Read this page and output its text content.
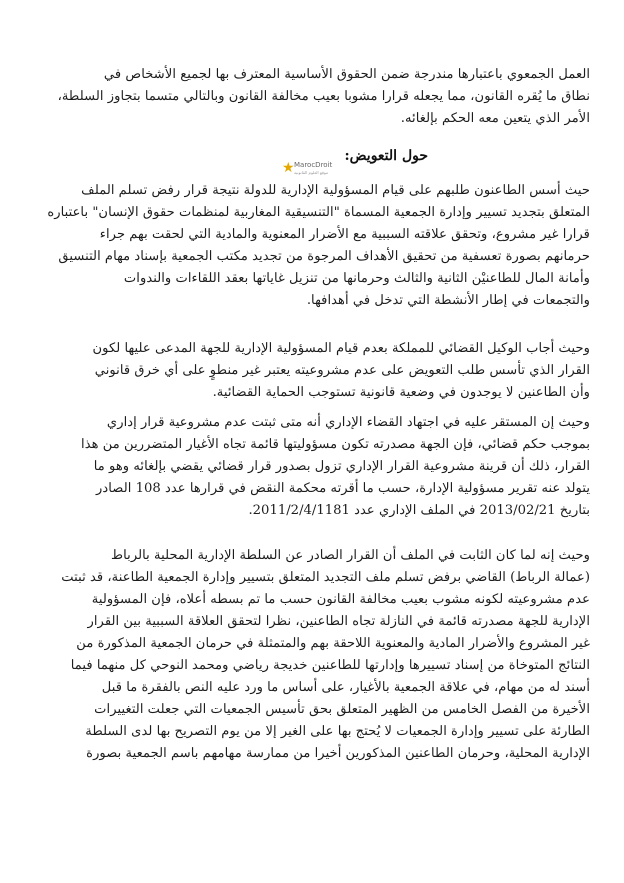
العمل الجمعوي باعتبارها مندرجة ضمن الحقوق الأساسية المعترف بها لجميع الأشخاص في
نطاق ما يُقره القانون، مما يجعله قرارا مشوبا بعيب مخالفة القانون وبالتالي متسما بتجاوز السلطة،
الأمر الذي يتعين معه الحكم بإلغائه.
حول التعويض:
★ MarocDroit
موقع العلوم القانونية
حيث أسس الطاعنون طلبهم على قيام المسؤولية الإدارية للدولة نتيجة قرار رفض تسلم الملف
المتعلق بتجديد تسيير وإدارة الجمعية المسماة "التنسيقية المغاربية لمنظمات حقوق الإنسان" باعتباره
قرارا غير مشروع، وتحقق علاقته السببية مع الأضرار المعنوية والمادية التي لحقت بهم جراء
حرمانهم بصورة تعسفية من تحقيق الأهداف المرجوة من تجديد مكتب الجمعية بإسناد مهام التنسيق
وأمانة المال للطاعنيْن الثانية والثالث وحرمانها من تنزيل غاياتها بعقد اللقاءات والندوات
والتجمعات في إطار الأنشطة التي تدخل في أهدافها.
وحيث أجاب الوكيل القضائي للمملكة بعدم قيام المسؤولية الإدارية للجهة المدعى عليها لكون
القرار الذي تأسس طلب التعويض على عدم مشروعيته يعتبر غير منطوٍ على أي خرق قانوني
وأن الطاعنين لا يوجدون في وضعية قانونية تستوجب الحماية القضائية.
وحيث إن المستقر عليه في اجتهاد القضاء الإداري أنه متى ثبتت عدم مشروعية قرار إداري
بموجب حكم قضائي، فإن الجهة مصدرته تكون مسؤوليتها قائمة تجاه الأغيار المتضررين من هذا
القرار، ذلك أن قرينة مشروعية القرار الإداري تزول بصدور قرار قضائي يقضي بإلغائه وهو ما
يتولد عنه تقرير مسؤولية الإدارة، حسب ما أقرته محكمة النقض في قرارها عدد 108 الصادر
بتاريخ 2013/02/21 في الملف الإداري عدد 2011/2/4/1181.
وحيث إنه لما كان الثابت في الملف أن القرار الصادر عن السلطة الإدارية المحلية بالرباط
(عمالة الرباط) القاضي برفض تسلم ملف التجديد المتعلق بتسيير وإدارة الجمعية الطاعنة، قد ثبتت
عدم مشروعيته لكونه مشوب بعيب مخالفة القانون حسب ما تم بسطه أعلاه، فإن المسؤولية
الإدارية للجهة مصدرته قائمة في النازلة تجاه الطاعنين، نظرا لتحقق العلاقة السببية بين القرار
غير المشروع والأضرار المادية والمعنوية اللاحقة بهم والمتمثلة في حرمان الجمعية المذكورة من
النتائج المتوخاة من إسناد تسييرها وإدارتها للطاعنين خديجة رياضي ومحمد النوحي كل منهما فيما
أسند له من مهام، في علاقة الجمعية بالأغيار، على أساس ما ورد عليه النص بالفقرة ما قبل
الأخيرة من الفصل الخامس من الظهير المتعلق بحق تأسيس الجمعيات التي جعلت التغييرات
الطارئة على تسيير وإدارة الجمعيات لا يُحتج بها على الغير إلا من يوم التصريح بها لدى السلطة
الإدارية المحلية، وحرمان الطاعنين المذكورين أخيرا من ممارسة مهامهم باسم الجمعية بصورة
